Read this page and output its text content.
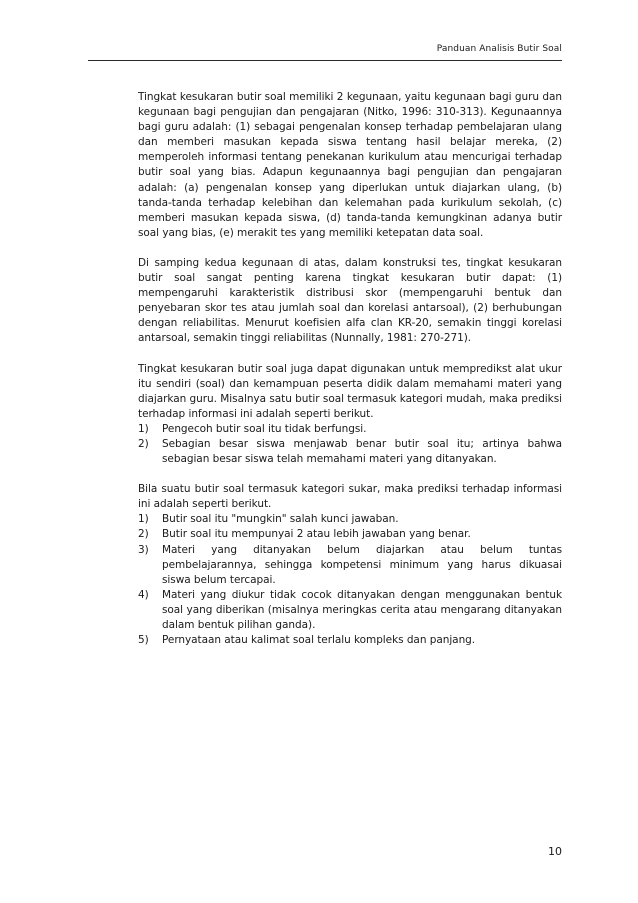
Panduan Analisis Butir Soal

Tingkat kesukaran butir soal memiliki 2 kegunaan, yaitu kegunaan bagi guru dan kegunaan bagi pengujian dan pengajaran (Nitko, 1996: 310-313). Kegunaannya bagi guru adalah: (1) sebagai pengenalan konsep terhadap pembelajaran ulang dan memberi masukan kepada siswa tentang hasil belajar mereka, (2) memperoleh informasi tentang penekanan kurikulum atau mencurigai terhadap butir soal yang bias. Adapun kegunaannya bagi pengujian dan pengajaran adalah: (a) pengenalan konsep yang diperlukan untuk diajarkan ulang, (b) tanda-tanda terhadap kelebihan dan kelemahan pada kurikulum sekolah, (c) memberi masukan kepada siswa, (d) tanda-tanda kemungkinan adanya butir soal yang bias, (e) merakit tes yang memiliki ketepatan data soal.

Di samping kedua kegunaan di atas, dalam konstruksi tes, tingkat kesukaran butir soal sangat penting karena tingkat kesukaran butir dapat: (1) mempengaruhi karakteristik distribusi skor (mempengaruhi bentuk dan penyebaran skor tes atau jumlah soal dan korelasi antarsoal), (2) berhubungan dengan reliabilitas. Menurut koefisien alfa clan KR-20, semakin tinggi korelasi antarsoal, semakin tinggi reliabilitas (Nunnally, 1981: 270-271).

Tingkat kesukaran butir soal juga dapat digunakan untuk mempredikst alat ukur itu sendiri (soal) dan kemampuan peserta didik dalam memahami materi yang diajarkan guru. Misalnya satu butir soal termasuk kategori mudah, maka prediksi terhadap informasi ini adalah seperti berikut.

1) Pengecoh butir soal itu tidak berfungsi.
2) Sebagian besar siswa menjawab benar butir soal itu; artinya bahwa sebagian besar siswa telah memahami materi yang ditanyakan.

Bila suatu butir soal termasuk kategori sukar, maka prediksi terhadap informasi ini adalah seperti berikut.

1) Butir soal itu "mungkin" salah kunci jawaban.
2) Butir soal itu mempunyai 2 atau lebih jawaban yang benar.
3) Materi yang ditanyakan belum diajarkan atau belum tuntas pembelajarannya, sehingga kompetensi minimum yang harus dikuasai siswa belum tercapai.
4) Materi yang diukur tidak cocok ditanyakan dengan menggunakan bentuk soal yang diberikan (misalnya meringkas cerita atau mengarang ditanyakan dalam bentuk pilihan ganda).
5) Pernyataan atau kalimat soal terlalu kompleks dan panjang.
10
